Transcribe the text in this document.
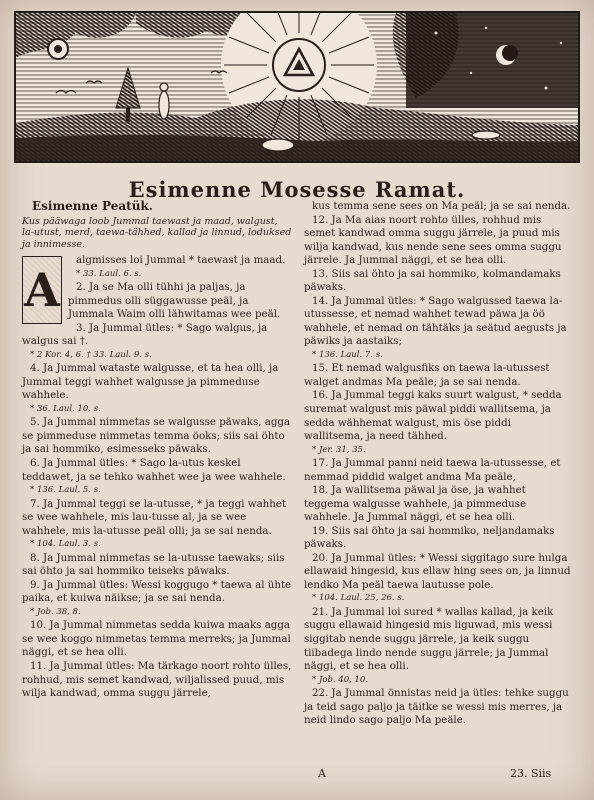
Esimenne Mosesse Ramat.
Esimenne Peatük.
Kus pääwaga loob Jummal taewast ja maad, walgust, la-utust, merd, taewa-tähhed, kallad ja linnud, loduksed ja innimesse.
A

algmisses loi Jummal * taewast ja maad.

* 33. Laul. 6. s.

2. Ja se Ma olli tühhi ja paljas, ja pimmedus olli süggawusse peäl, ja Jummala Waim olli lähwitamas wee peäl.

3. Ja Jummal ütles: * Sago walgus, ja walgus sai †.

* 2 Kor. 4, 6. † 33. Laul. 9. s.

4. Ja Jummal wataste walgusse, et ta hea olli, ja Jummal teggi wahhet walgusse ja pimmeduse wahhele.

* 36. Laul. 10. s.

5. Ja Jummal nimmetas se walgusse päwaks, agga se pimmeduse nimmetas temma öoks; siis sai öhto ja sai hommiko, esimesseks päwaks.

6. Ja Jummal ütles: * Sago la-utus keskel teddawet, ja se tehko wahhet wee ja wee wahhele.

* 136. Laul. 5. s.

7. Ja Jummal teggi se la-utusse, * ja teggi wahhet se wee wahhele, mis lau-tusse al, ja se wee wahhele, mis la-utusse peäl olli; ja se sai nenda.

* 104. Laul. 3. s.

8. Ja Jummal nimmetas se la-utusse taewaks; siis sai öhto ja sai hommiko teiseks päwaks.

9. Ja Jummal ütles: Wessi koggugo * taewa al ühte paika, et kuiwa näikse; ja se sai nenda.

* Job. 38, 8.

10. Ja Jummal nimmetas sedda kuiwa maaks agga se wee koggo nimmetas temma merreks; ja Jummal näggi, et se hea olli.

11. Ja Jummal ütles: Ma tärkago noort rohto ülles, rohhud, mis semet kandwad, wiljalissed puud, mis wilja kandwad, omma suggu järrele,

kus temma sene sees on Ma peäl; ja se sai nenda.

12. Ja Ma aias noort rohto ülles, rohhud mis semet kandwad omma suggu järrele, ja puud mis wilja kandwad, kus nende sene sees omma suggu järrele. Ja Jummal näggi, et se hea olli.

13. Siis sai öhto ja sai hommiko, kolmandamaks päwaks.

14. Ja Jummal ütles: * Sago walgussed taewa la-utussesse, et nemad wahhet tewad päwa ja öö wahhele, et nemad on tähtäks ja seätud aegusts ja päwiks ja aastaiks;

* 136. Laul. 7. s.

15. Et nemad walgusfiks on taewa la-utussest walget andmas Ma peäle; ja se sai nenda.

16. Ja Jummal teggi kaks suurt walgust, * sedda suremat walgust mis päwal piddi wallitsema, ja sedda wähhemat walgust, mis öse piddi wallitsema, ja need tähhed.

* Jer. 31, 35.

17. Ja Jummal panni neid taewa la-utussesse, et nemmad piddid walget andma Ma peäle,

18. Ja wallitsema päwal ja öse, ja wahhet teggema walgusse wahhele, ja pimmeduse wahhele. Ja Jummal näggi, et se hea olli.

19. Siis sai öhto ja sai hommiko, neljandamaks päwaks.

20. Ja Jummal ütles: * Wessi siggitago sure hulga ellawaid hingesid, kus ellaw hing sees on, ja linnud lendko Ma peäl taewa lautusse pole.

* 104. Laul. 25, 26. s.

21. Ja Jummal loi sured * wallas kallad, ja keik suggu ellawaid hingesid mis liguwad, mis wessi siggitab nende suggu järrele, ja keik suggu tiibadega lindo nende suggu järrele; ja Jummal näggi, et se hea olli.

* Job. 40, 10.

22. Ja Jummal önnistas neid ja ütles: tehke suggu ja teid sago paljo ja täitke se wessi mis merres, ja neid lindo sago paljo Ma peäle.

A	23. Siis
